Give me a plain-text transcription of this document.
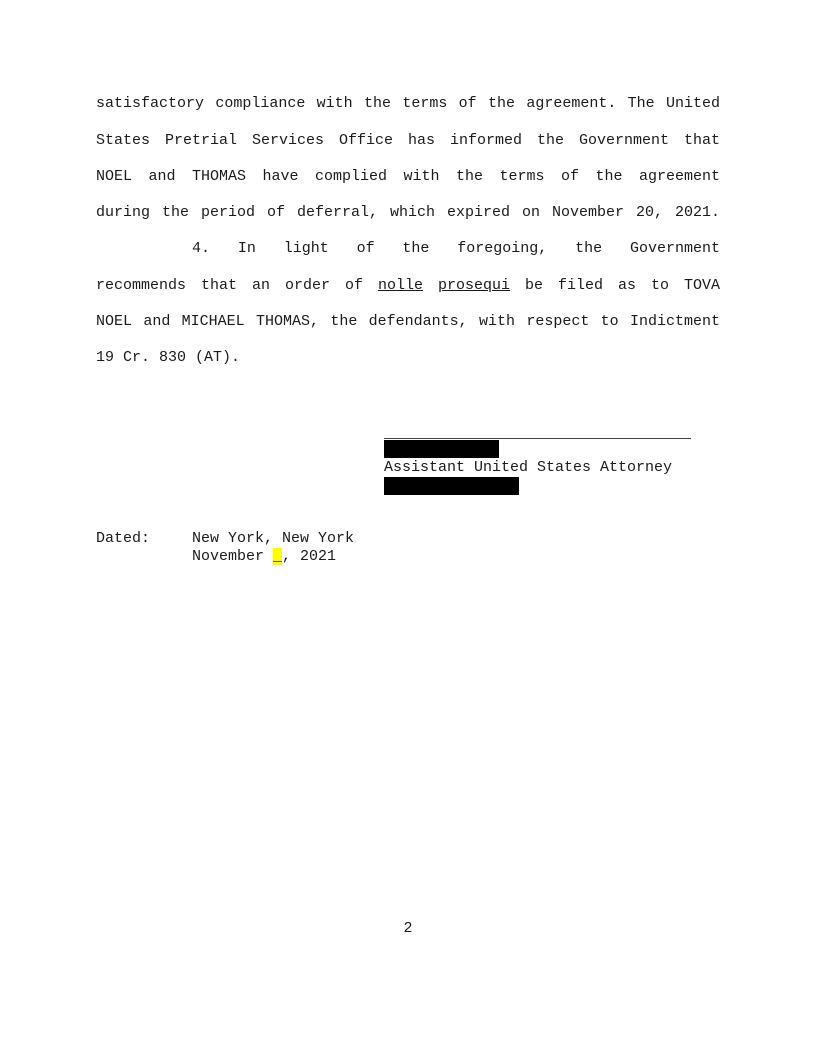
satisfactory compliance with the terms of the agreement. The United
States Pretrial Services Office has informed the Government that
NOEL and THOMAS have complied with the terms of the agreement
during the period of deferral, which expired on November 20, 2021.
4. In light of the foregoing, the Government
recommends that an order of nolle prosequi be filed as to TOVA
NOEL and MICHAEL THOMAS, the defendants, with respect to Indictment
19 Cr. 830 (AT).
Assistant United States Attorney
Dated:	New York, New York
November _, 2021
2
